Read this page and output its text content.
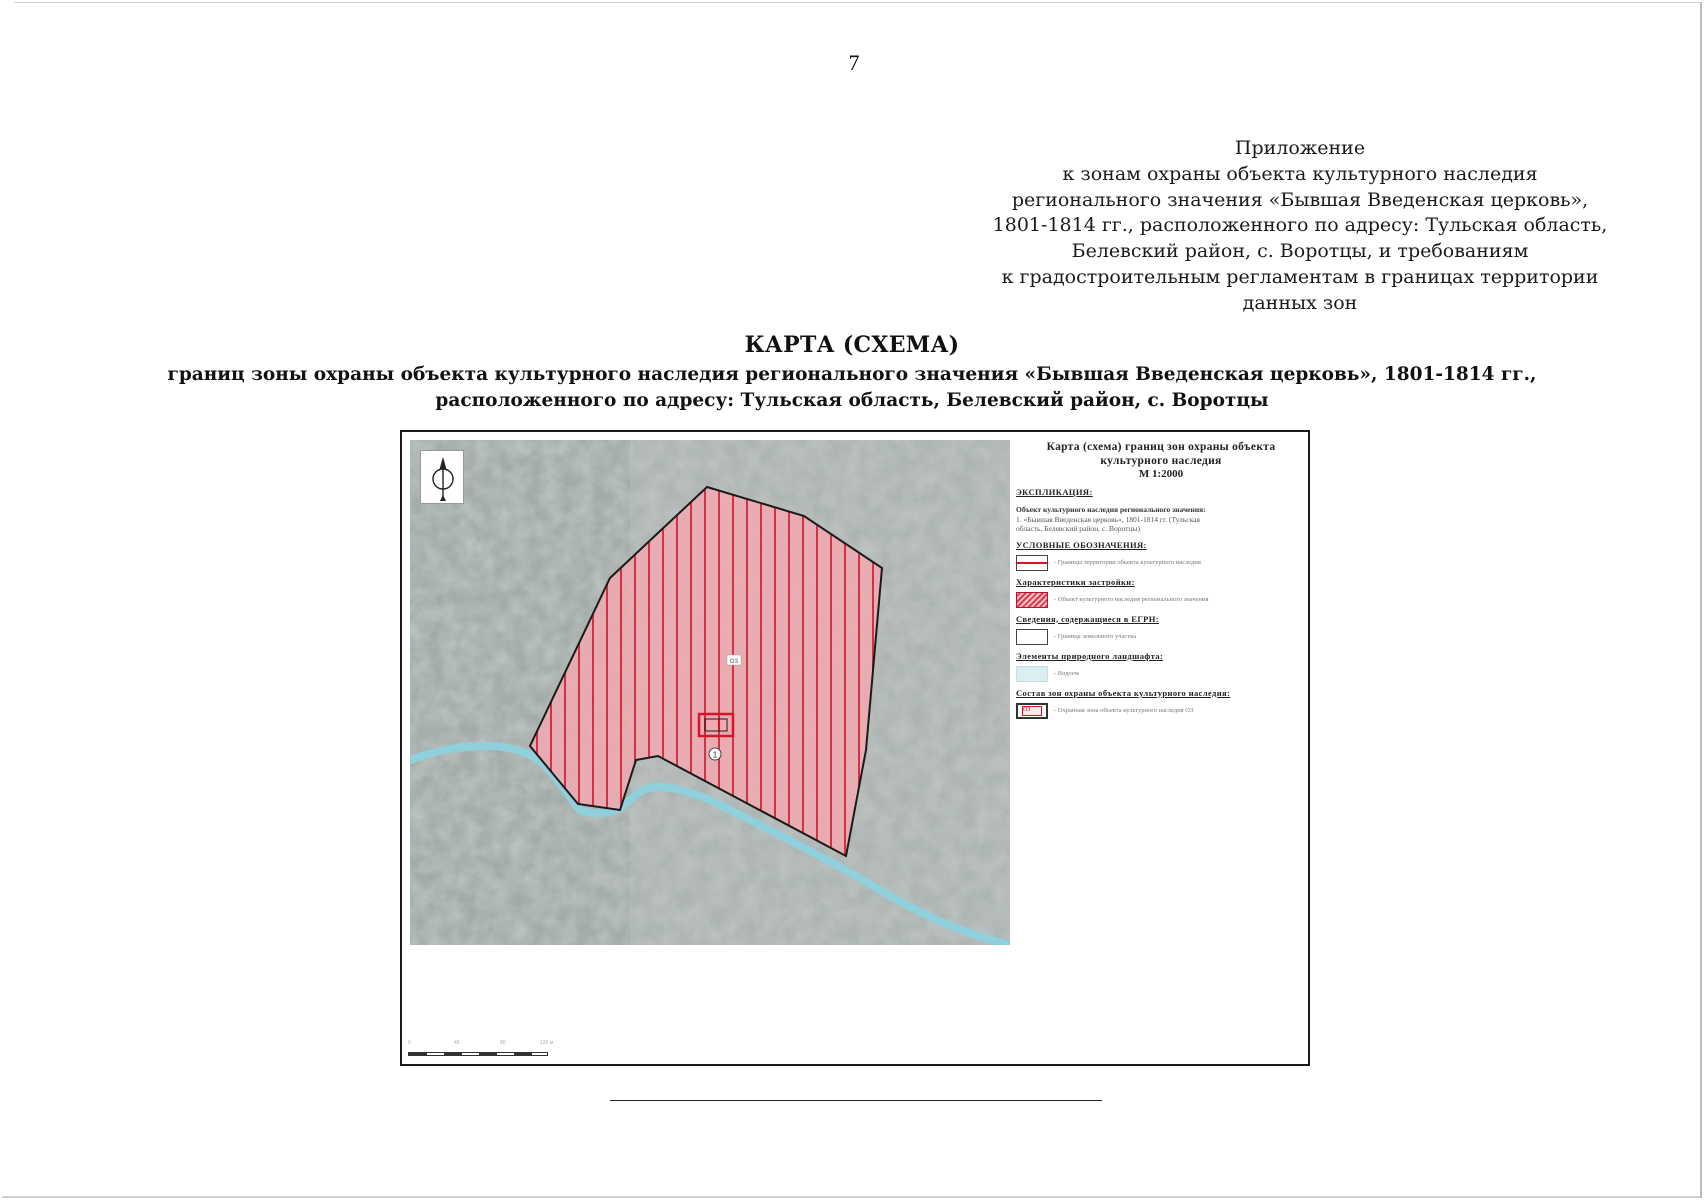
7
Приложение
к зонам охраны объекта культурного наследия
регионального значения «Бывшая Введенская церковь»,
1801-1814 гг., расположенного по адресу: Тульская область,
Белевский район, с. Воротцы, и требованиям
к градостроительным регламентам в границах территории
данных зон
КАРТА (СХЕМА)
границ зоны охраны объекта культурного наследия регионального значения «Бывшая Введенская церковь», 1801-1814 гг.,
расположенного по адресу: Тульская область, Белевский район, с. Воротцы
1
ОЗ
Карта (схема) границ зон охраны объекта
культурного наследия
М 1:2000
ЭКСПЛИКАЦИЯ:
Объект культурного наследия регионального значения:
1. «Бывшая Введенская церковь», 1801-1814 гг. (Тульская
область, Белевский район, с. Воротцы)
УСЛОВНЫЕ ОБОЗНАЧЕНИЯ:
- Границы территории объекта культурного наследия
Характеристики застройки:
- Объект культурного наследия регионального значения
Сведения, содержащиеся в ЕГРН:
- Граница земельного участка
Элементы природного ландшафта:
- Водоем
Состав зон охраны объекта культурного наследия:
ОЗ	- Охранная зона объекта культурного наследия ОЗ
0	40	80	120 м
